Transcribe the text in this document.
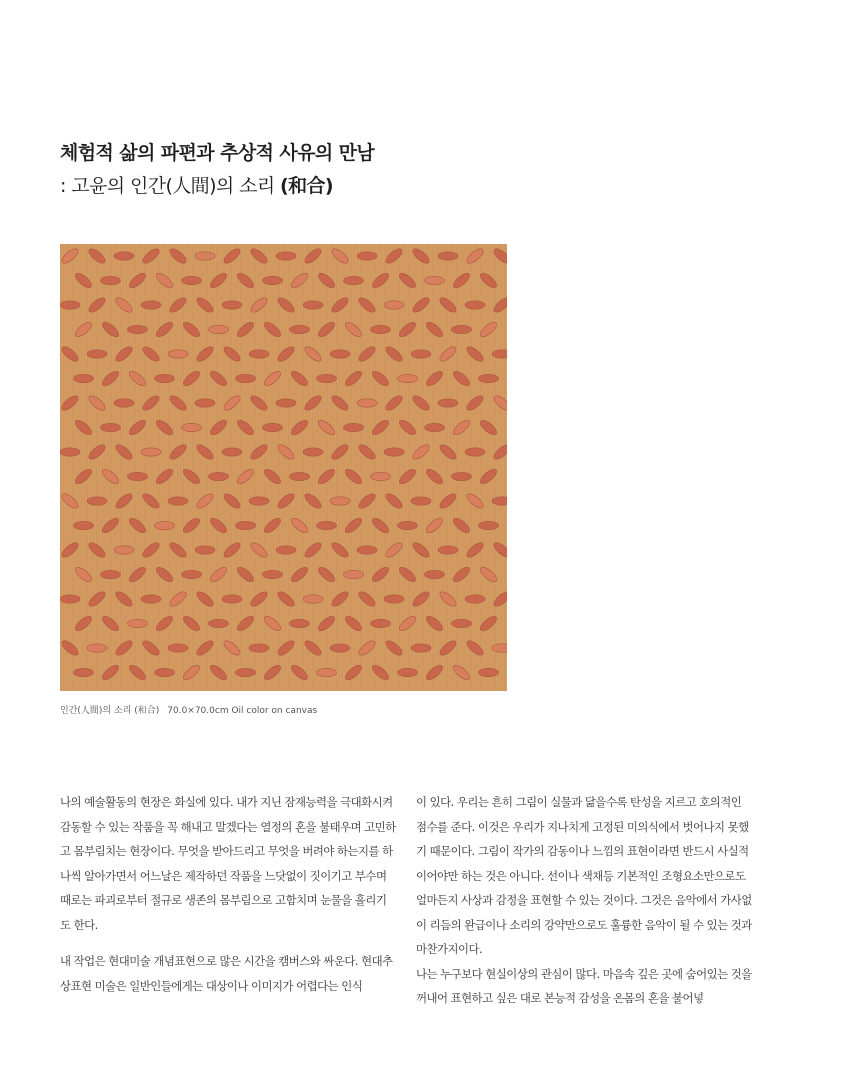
체험적 삶의 파편과 추상적 사유의 만남
: 고윤의 인간(人間)의 소리 (和合)
인간(人間)의 소리 (和合) 70.0×70.0cm Oil color on canvas

나의 예술활동의 현장은 화실에 있다. 내가 지닌 잠재능력을 극대화시켜 감동할 수 있는 작품을 꼭 해내고 말겠다는 열정의 혼을 불태우며 고민하고 몸부림치는 현장이다. 무엇을 받아드리고 무엇을 버려야 하는지를 하나씩 알아가면서 어느날은 제작하던 작품을 느닷없이 짓이기고 부수며 때로는 파괴로부터 절규로 생존의 몸부림으로 고함치며 눈물을 흘리기도 한다.

내 작업은 현대미술 개념표현으로 많은 시간을 캠버스와 싸운다. 현대추상표현 미술은 일반인들에게는 대상이나 이미지가 어렵다는 인식

이 있다. 우리는 흔히 그림이 실물과 닮을수록 탄성을 지르고 호의적인 점수를 준다. 이것은 우리가 지나치게 고정된 미의식에서 벗어나지 못했기 때문이다. 그림이 작가의 감동이나 느낌의 표현이라면 반드시 사실적이어야만 하는 것은 아니다. 선이나 색채등 기본적인 조형요소만으로도 얼마든지 사상과 감정을 표현할 수 있는 것이다. 그것은 음악에서 가사없이 리듬의 완급이나 소리의 강약만으로도 훌륭한 음악이 될 수 있는 것과 마찬가지이다.

나는 누구보다 현실이상의 관심이 많다. 마음속 깊은 곳에 숨어있는 것을 꺼내어 표현하고 싶은 대로 본능적 감성을 온몸의 혼을 불어넣
